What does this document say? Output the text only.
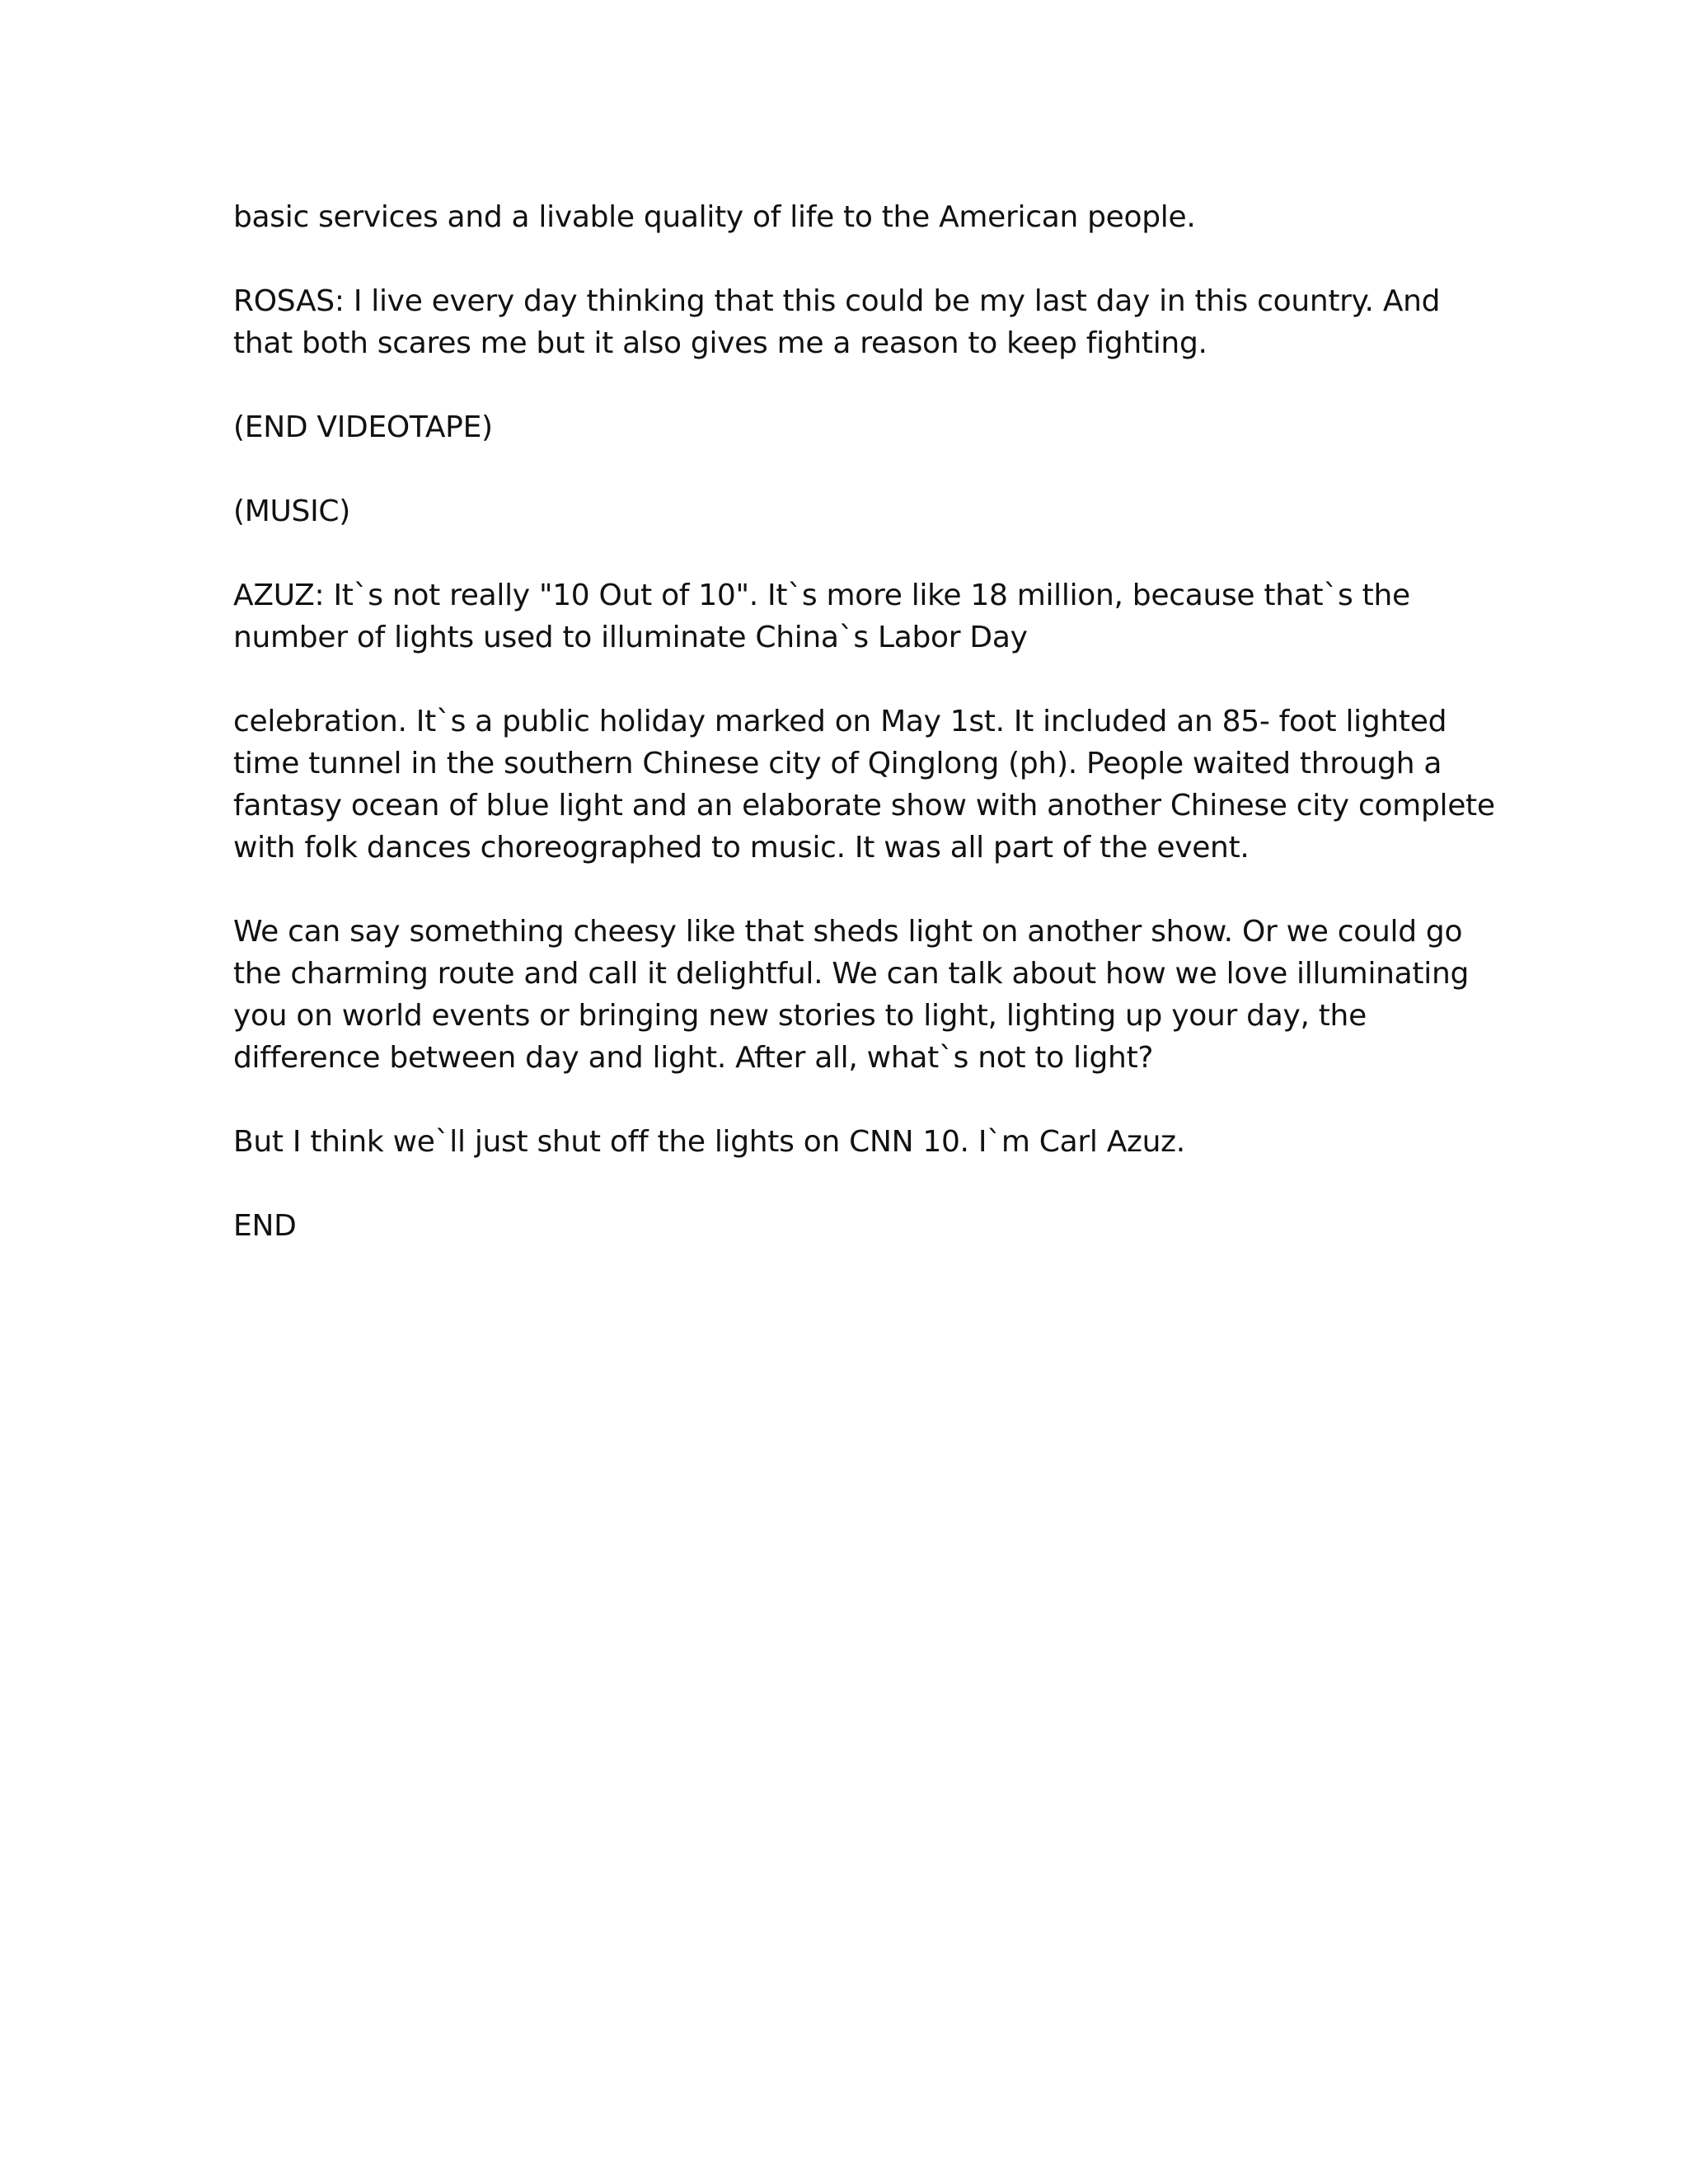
basic services and a livable quality of life to the American people.

ROSAS: I live every day thinking that this could be my last day in this country. And
that both scares me but it also gives me a reason to keep fighting.

(END VIDEOTAPE)

(MUSIC)

AZUZ: It`s not really "10 Out of 10". It`s more like 18 million, because that`s the
number of lights used to illuminate China`s Labor Day

celebration. It`s a public holiday marked on May 1st. It included an 85- foot lighted
time tunnel in the southern Chinese city of Qinglong (ph). People waited through a
fantasy ocean of blue light and an elaborate show with another Chinese city complete
with folk dances choreographed to music. It was all part of the event.

We can say something cheesy like that sheds light on another show. Or we could go
the charming route and call it delightful. We can talk about how we love illuminating
you on world events or bringing new stories to light, lighting up your day, the
difference between day and light. After all, what`s not to light?

But I think we`ll just shut off the lights on CNN 10. I`m Carl Azuz.

END
